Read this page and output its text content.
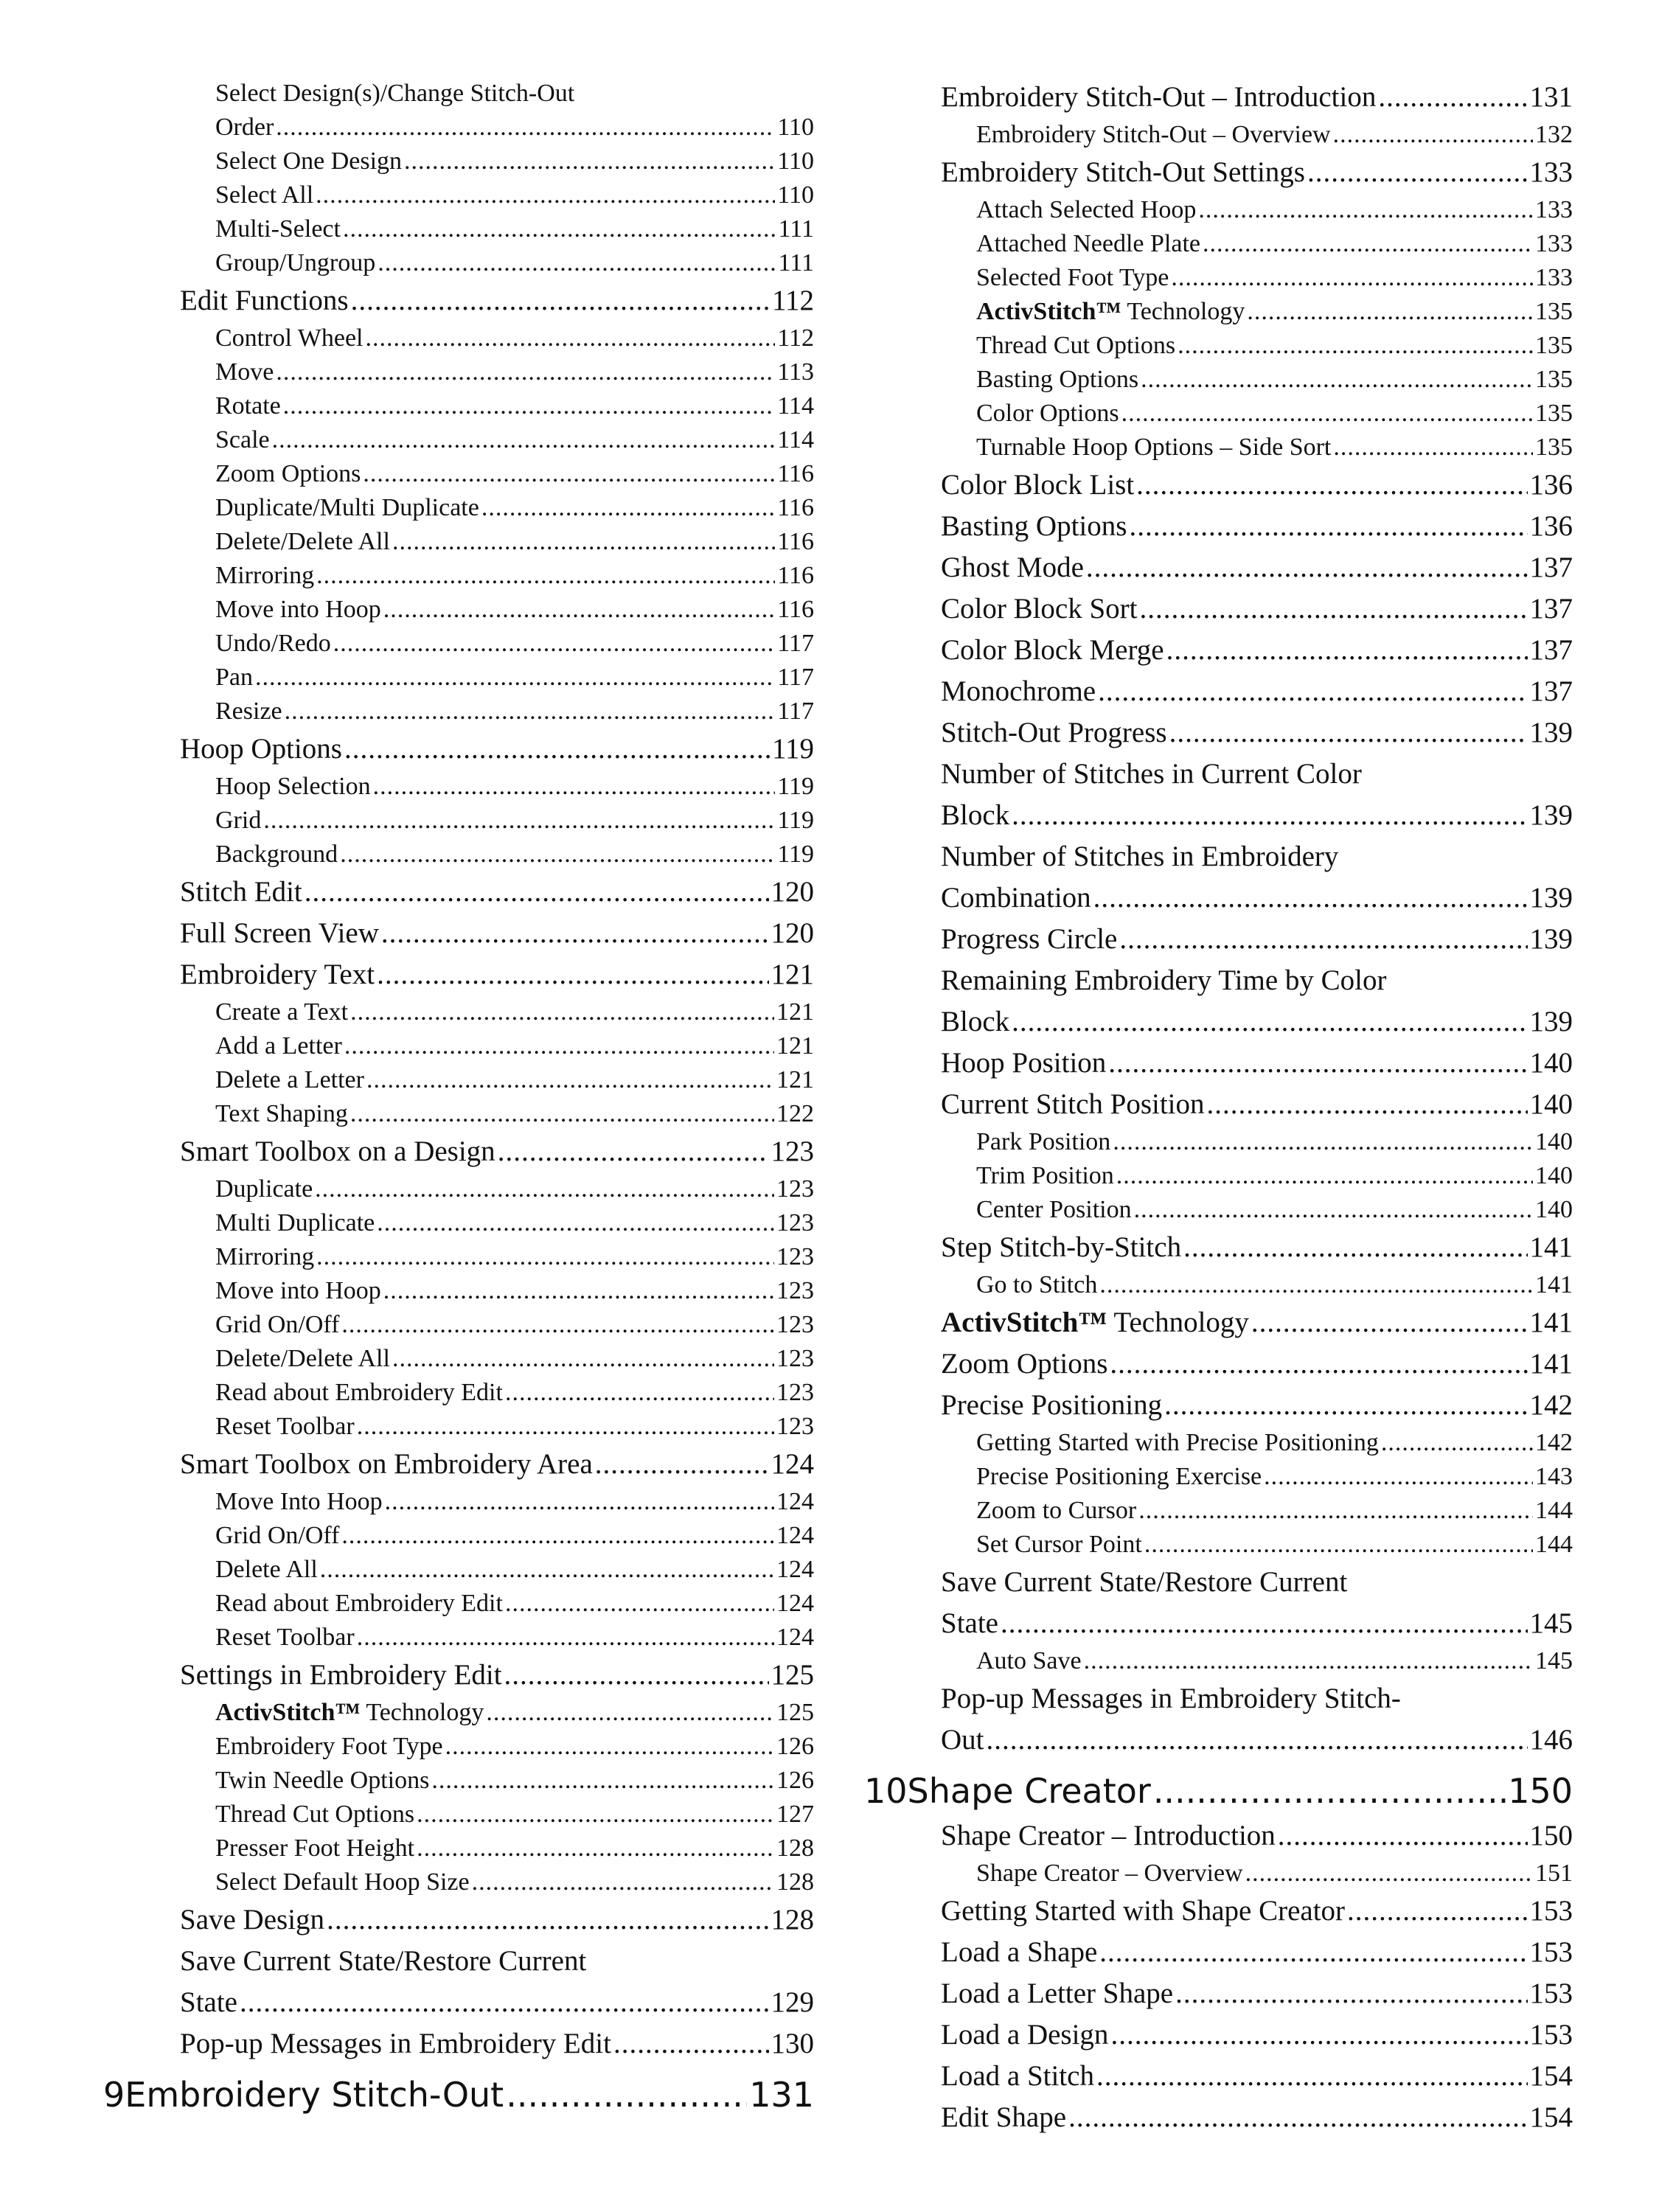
Select Design(s)/Change Stitch-Out
Order .....	110
Select One Design .....	110
Select All .....	110
Multi-Select .....	111
Group/Ungroup .....	111
Edit Functions .....	112
Control Wheel .....	112
Move .....	113
Rotate .....	114
Scale .....	114
Zoom Options .....	116
Duplicate/Multi Duplicate .....	116
Delete/Delete All .....	116
Mirroring .....	116
Move into Hoop .....	116
Undo/Redo .....	117
Pan .....	117
Resize .....	117
Hoop Options .....	119
Hoop Selection .....	119
Grid .....	119
Background .....	119
Stitch Edit .....	120
Full Screen View .....	120
Embroidery Text .....	121
Create a Text .....	121
Add a Letter .....	121
Delete a Letter .....	121
Text Shaping .....	122
Smart Toolbox on a Design .....	123
Duplicate .....	123
Multi Duplicate .....	123
Mirroring .....	123
Move into Hoop .....	123
Grid On/Off .....	123
Delete/Delete All .....	123
Read about Embroidery Edit .....	123
Reset Toolbar .....	123
Smart Toolbox on Embroidery Area .....	124
Move Into Hoop .....	124
Grid On/Off .....	124
Delete All .....	124
Read about Embroidery Edit .....	124
Reset Toolbar .....	124
Settings in Embroidery Edit .....	125
ActivStitch™ Technology .....	125
Embroidery Foot Type .....	126
Twin Needle Options .....	126
Thread Cut Options .....	127
Presser Foot Height .....	128
Select Default Hoop Size .....	128
Save Design .....	128
Save Current State/Restore Current
State .....	129
Pop-up Messages in Embroidery Edit .....	130
9 Embroidery Stitch-Out .....	131
Embroidery Stitch-Out – Introduction .....	131
Embroidery Stitch-Out – Overview .....	132
Embroidery Stitch-Out Settings .....	133
Attach Selected Hoop .....	133
Attached Needle Plate .....	133
Selected Foot Type .....	133
ActivStitch™ Technology .....	135
Thread Cut Options .....	135
Basting Options .....	135
Color Options .....	135
Turnable Hoop Options – Side Sort .....	135
Color Block List .....	136
Basting Options .....	136
Ghost Mode .....	137
Color Block Sort .....	137
Color Block Merge .....	137
Monochrome .....	137
Stitch-Out Progress .....	139
Number of Stitches in Current Color
Block .....	139
Number of Stitches in Embroidery
Combination .....	139
Progress Circle .....	139
Remaining Embroidery Time by Color
Block .....	139
Hoop Position .....	140
Current Stitch Position .....	140
Park Position .....	140
Trim Position .....	140
Center Position .....	140
Step Stitch-by-Stitch .....	141
Go to Stitch .....	141
ActivStitch™ Technology .....	141
Zoom Options .....	141
Precise Positioning .....	142
Getting Started with Precise Positioning .....	142
Precise Positioning Exercise .....	143
Zoom to Cursor .....	144
Set Cursor Point .....	144
Save Current State/Restore Current
State .....	145
Auto Save .....	145
Pop-up Messages in Embroidery Stitch-
Out .....	146
10 Shape Creator .....	150
Shape Creator – Introduction .....	150
Shape Creator – Overview .....	151
Getting Started with Shape Creator .....	153
Load a Shape .....	153
Load a Letter Shape .....	153
Load a Design .....	153
Load a Stitch .....	154
Edit Shape .....	154
